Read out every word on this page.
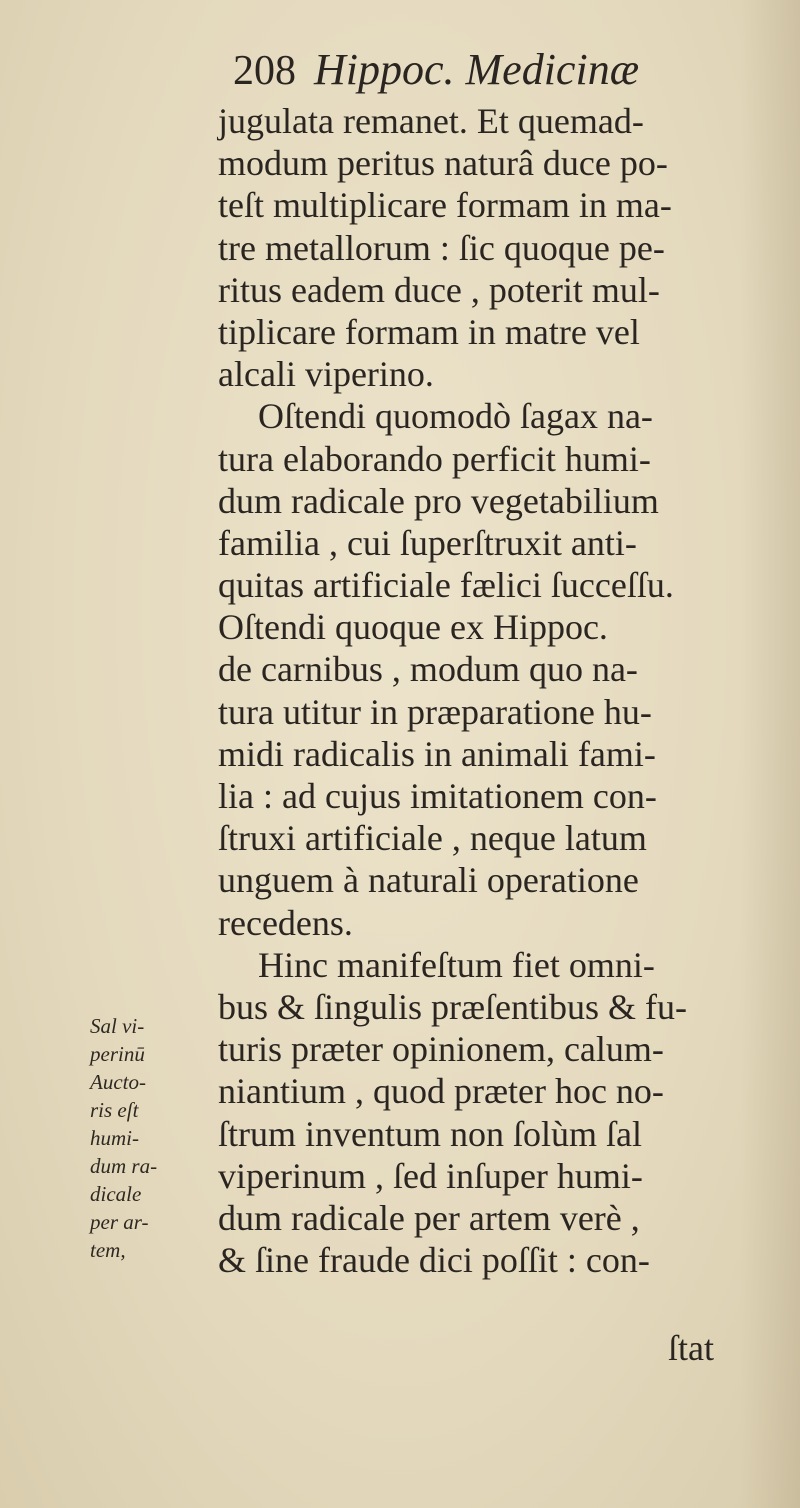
208 Hippoc. Medicinæ
jugulata remanet. Et quemad-
modum peritus naturâ duce po-
teſt multiplicare formam in ma-
tre metallorum : ſic quoque pe-
ritus eadem duce , poterit mul-
tiplicare formam in matre vel
alcali viperino.
Oſtendi quomodò ſagax na-
tura elaborando perficit humi-
dum radicale pro vegetabilium
familia , cui ſuperſtruxit anti-
quitas artificiale fælici ſucceſſu.
Oſtendi quoque ex Hippoc.
de carnibus , modum quo na-
tura utitur in præparatione hu-
midi radicalis in animali fami-
lia : ad cujus imitationem con-
ſtruxi artificiale , neque latum
unguem à naturali operatione
recedens.
Hinc manifeſtum fiet omni-
bus & ſingulis præſentibus & fu-
turis præter opinionem, calum-
niantium , quod præter hoc no-
ſtrum inventum non ſolùm ſal
viperinum , ſed inſuper humi-
dum radicale per artem verè ,
& ſine fraude dici poſſit : con-
Sal vi-
perinū
Aucto-
ris eſt
humi-
dum ra-
dicale
per ar-
tem,
ſtat
